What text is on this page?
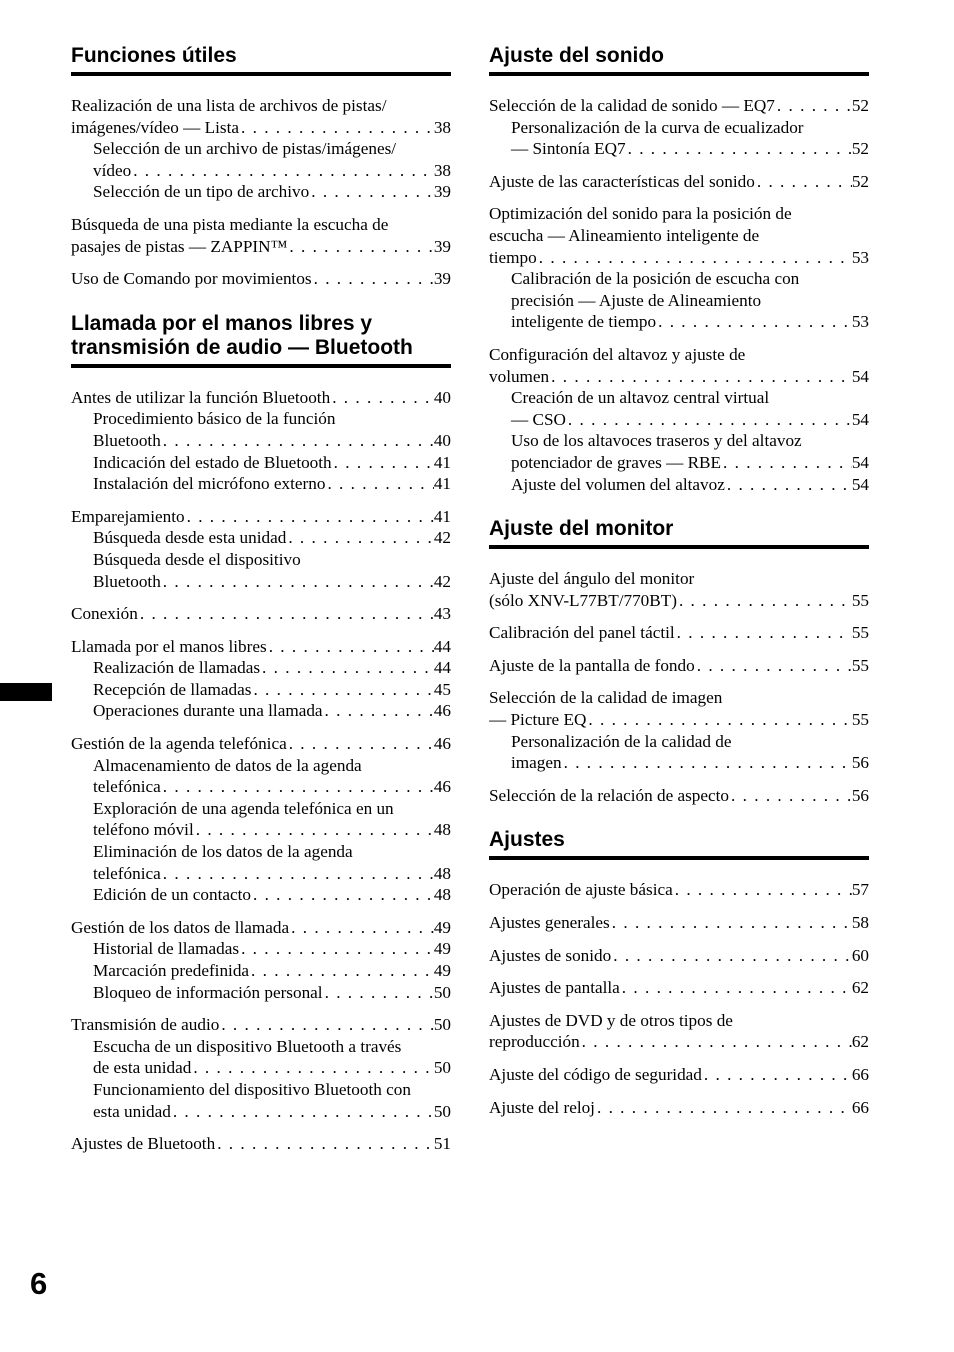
Funciones útiles
Realización de una lista de archivos de pistas/
imágenes/vídeo — Lista . . .	38
Selección de un archivo de pistas/imágenes/
vídeo . . .	38
Selección de un tipo de archivo . . .	39
Búsqueda de una pista mediante la escucha de
pasajes de pistas — ZAPPIN™ . . .	39
Uso de Comando por movimientos . . .	39
Llamada por el manos libres y
transmisión de audio — Bluetooth
Antes de utilizar la función Bluetooth . . .	40
Procedimiento básico de la función
Bluetooth . . .	40
Indicación del estado de Bluetooth . . .	41
Instalación del micrófono externo . . .	41
Emparejamiento . . .	41
Búsqueda desde esta unidad . . .	42
Búsqueda desde el dispositivo
Bluetooth . . .	42
Conexión . . .	43
Llamada por el manos libres . . .	44
Realización de llamadas . . .	44
Recepción de llamadas . . .	45
Operaciones durante una llamada . . .	46
Gestión de la agenda telefónica . . .	46
Almacenamiento de datos de la agenda
telefónica . . .	46
Exploración de una agenda telefónica en un
teléfono móvil . . .	48
Eliminación de los datos de la agenda
telefónica . . .	48
Edición de un contacto . . .	48
Gestión de los datos de llamada . . .	49
Historial de llamadas . . .	49
Marcación predefinida . . .	49
Bloqueo de información personal . . .	50
Transmisión de audio . . .	50
Escucha de un dispositivo Bluetooth a través
de esta unidad . . .	50
Funcionamiento del dispositivo Bluetooth con
esta unidad . . .	50
Ajustes de Bluetooth . . .	51
Ajuste del sonido
Selección de la calidad de sonido — EQ7 . . .	52
Personalización de la curva de ecualizador
— Sintonía EQ7 . . .	52
Ajuste de las características del sonido . . .	52
Optimización del sonido para la posición de
escucha — Alineamiento inteligente de
tiempo . . .	53
Calibración de la posición de escucha con
precisión — Ajuste de Alineamiento
inteligente de tiempo . . .	53
Configuración del altavoz y ajuste de
volumen . . .	54
Creación de un altavoz central virtual
— CSO . . .	54
Uso de los altavoces traseros y del altavoz
potenciador de graves — RBE . . .	54
Ajuste del volumen del altavoz . . .	54
Ajuste del monitor
Ajuste del ángulo del monitor
(sólo XNV-L77BT/770BT) . . .	55
Calibración del panel táctil . . .	55
Ajuste de la pantalla de fondo . . .	55
Selección de la calidad de imagen
— Picture EQ . . .	55
Personalización de la calidad de
imagen . . .	56
Selección de la relación de aspecto . . .	56
Ajustes
Operación de ajuste básica . . .	57
Ajustes generales . . .	58
Ajustes de sonido . . .	60
Ajustes de pantalla . . .	62
Ajustes de DVD y de otros tipos de
reproducción . . .	62
Ajuste del código de seguridad . . .	66
Ajuste del reloj . . .	66
6
